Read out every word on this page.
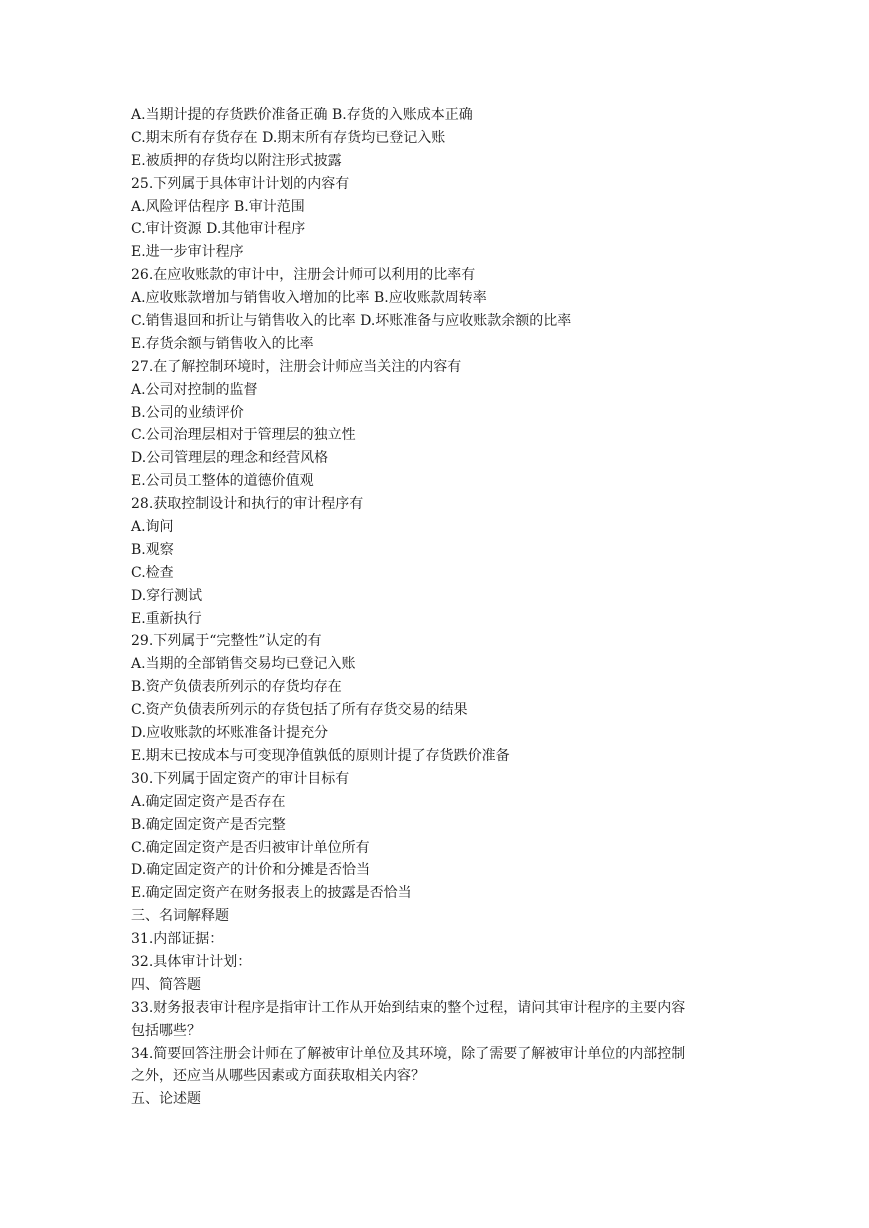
A.当期计提的存货跌价准备正确 B.存货的入账成本正确
C.期末所有存货存在 D.期末所有存货均已登记入账
E.被质押的存货均以附注形式披露
25.下列属于具体审计计划的内容有
A.风险评估程序 B.审计范围
C.审计资源 D.其他审计程序
E.进一步审计程序
26.在应收账款的审计中，注册会计师可以利用的比率有
A.应收账款增加与销售收入增加的比率 B.应收账款周转率
C.销售退回和折让与销售收入的比率 D.坏账准备与应收账款余额的比率
E.存货余额与销售收入的比率
27.在了解控制环境时，注册会计师应当关注的内容有
A.公司对控制的监督
B.公司的业绩评价
C.公司治理层相对于管理层的独立性
D.公司管理层的理念和经营风格
E.公司员工整体的道德价值观
28.获取控制设计和执行的审计程序有
A.询问
B.观察
C.检查
D.穿行测试
E.重新执行
29.下列属于“完整性”认定的有
A.当期的全部销售交易均已登记入账
B.资产负债表所列示的存货均存在
C.资产负债表所列示的存货包括了所有存货交易的结果
D.应收账款的坏账准备计提充分
E.期末已按成本与可变现净值孰低的原则计提了存货跌价准备
30.下列属于固定资产的审计目标有
A.确定固定资产是否存在
B.确定固定资产是否完整
C.确定固定资产是否归被审计单位所有
D.确定固定资产的计价和分摊是否恰当
E.确定固定资产在财务报表上的披露是否恰当
三、名词解释题
31.内部证据：
32.具体审计计划：
四、简答题
33.财务报表审计程序是指审计工作从开始到结束的整个过程，请问其审计程序的主要内容
包括哪些？
34.简要回答注册会计师在了解被审计单位及其环境，除了需要了解被审计单位的内部控制
之外，还应当从哪些因素或方面获取相关内容？
五、论述题
